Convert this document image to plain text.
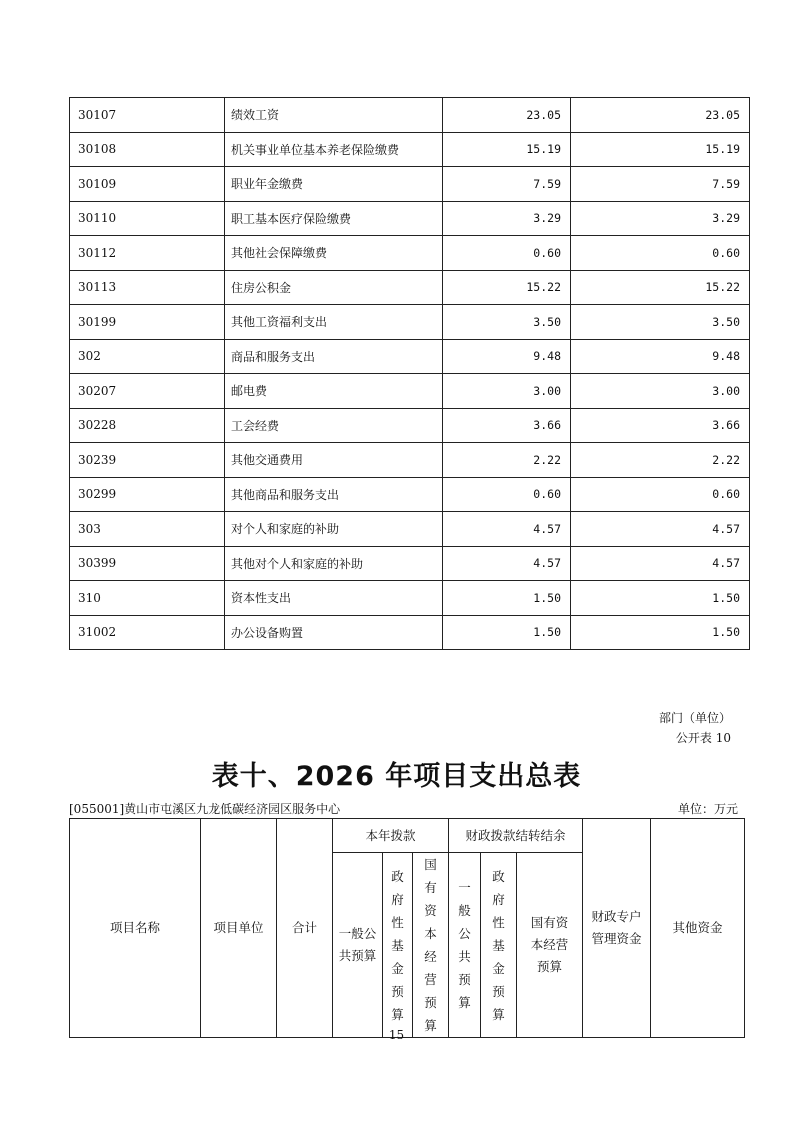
30107	绩效工资	23.05	23.05
30108	机关事业单位基本养老保险缴费	15.19	15.19
30109	职业年金缴费	7.59	7.59
30110	职工基本医疗保险缴费	3.29	3.29
30112	其他社会保障缴费	0.60	0.60
30113	住房公积金	15.22	15.22
30199	其他工资福利支出	3.50	3.50
302	商品和服务支出	9.48	9.48
30207	邮电费	3.00	3.00
30228	工会经费	3.66	3.66
30239	其他交通费用	2.22	2.22
30299	其他商品和服务支出	0.60	0.60
303	对个人和家庭的补助	4.57	4.57
30399	其他对个人和家庭的补助	4.57	4.57
310	资本性支出	1.50	1.50
31002	办公设备购置	1.50	1.50
部门（单位）
公开表 10
表十、2026 年项目支出总表
[055001]黄山市屯溪区九龙低碳经济园区服务中心	单位：万元
项目名称	项目单位	合计	本年拨款			财政拨款结转结余			财政专户管理资金	其他资金
			一般公共预算	政府性基金预算	国有资本经营预算	一般公共预算	政府性基金预算	国有资本经营预算		
15
